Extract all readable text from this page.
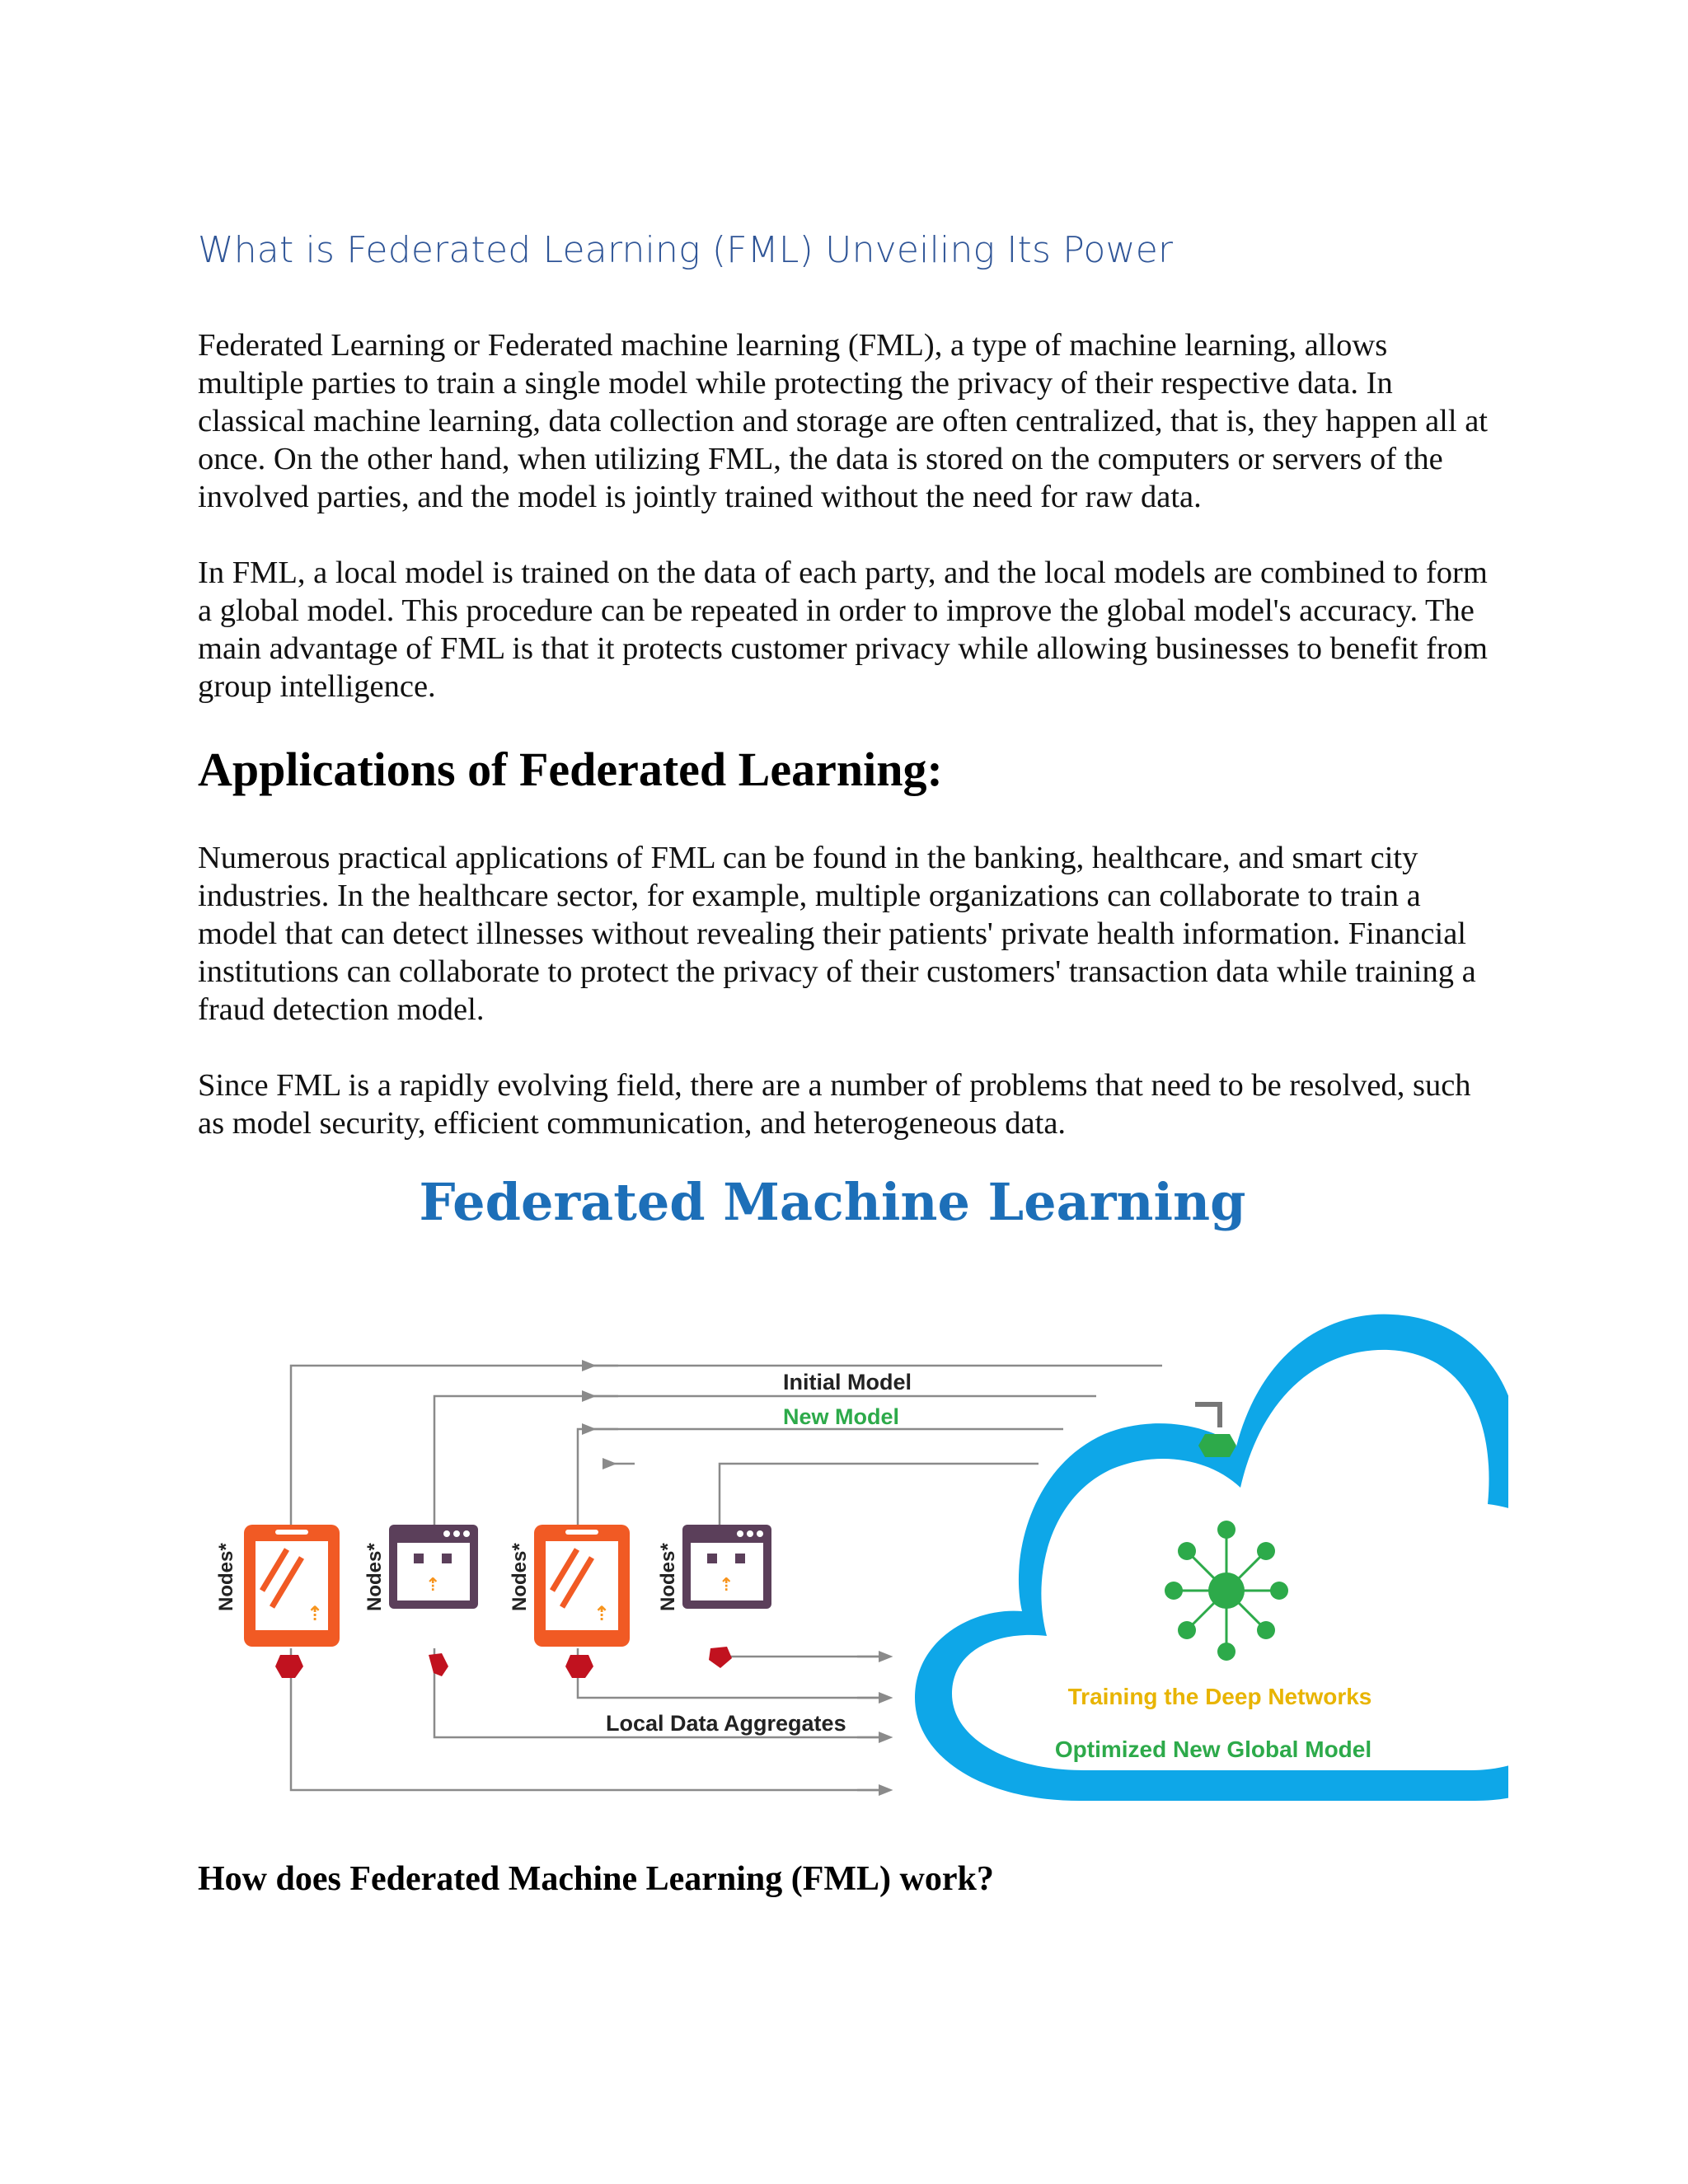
What is Federated Learning (FML) Unveiling Its Power

Federated Learning or Federated machine learning (FML), a type of machine learning, allows multiple parties to train a single model while protecting the privacy of their respective data. In classical machine learning, data collection and storage are often centralized, that is, they happen all at once. On the other hand, when utilizing FML, the data is stored on the computers or servers of the involved parties, and the model is jointly trained without the need for raw data.

In FML, a local model is trained on the data of each party, and the local models are combined to form a global model. This procedure can be repeated in order to improve the global model's accuracy. The main advantage of FML is that it protects customer privacy while allowing businesses to benefit from group intelligence.

Applications of Federated Learning:

Numerous practical applications of FML can be found in the banking, healthcare, and smart city industries. In the healthcare sector, for example, multiple organizations can collaborate to train a model that can detect illnesses without revealing their patients' private health information. Financial institutions can collaborate to protect the privacy of their customers' transaction data while training a fraud detection model.

Since FML is a rapidly evolving field, there are a number of problems that need to be resolved, such as model security, efficient communication, and heterogeneous data.

Federated Machine Learning
Initial Model
New Model
Local Data Aggregates
Nodes*
⇡
Nodes* ⇡	Nodes*
⇡
Nodes* ⇡
Training the Deep Networks
Optimized New Global Model
How does Federated Machine Learning (FML) work?
